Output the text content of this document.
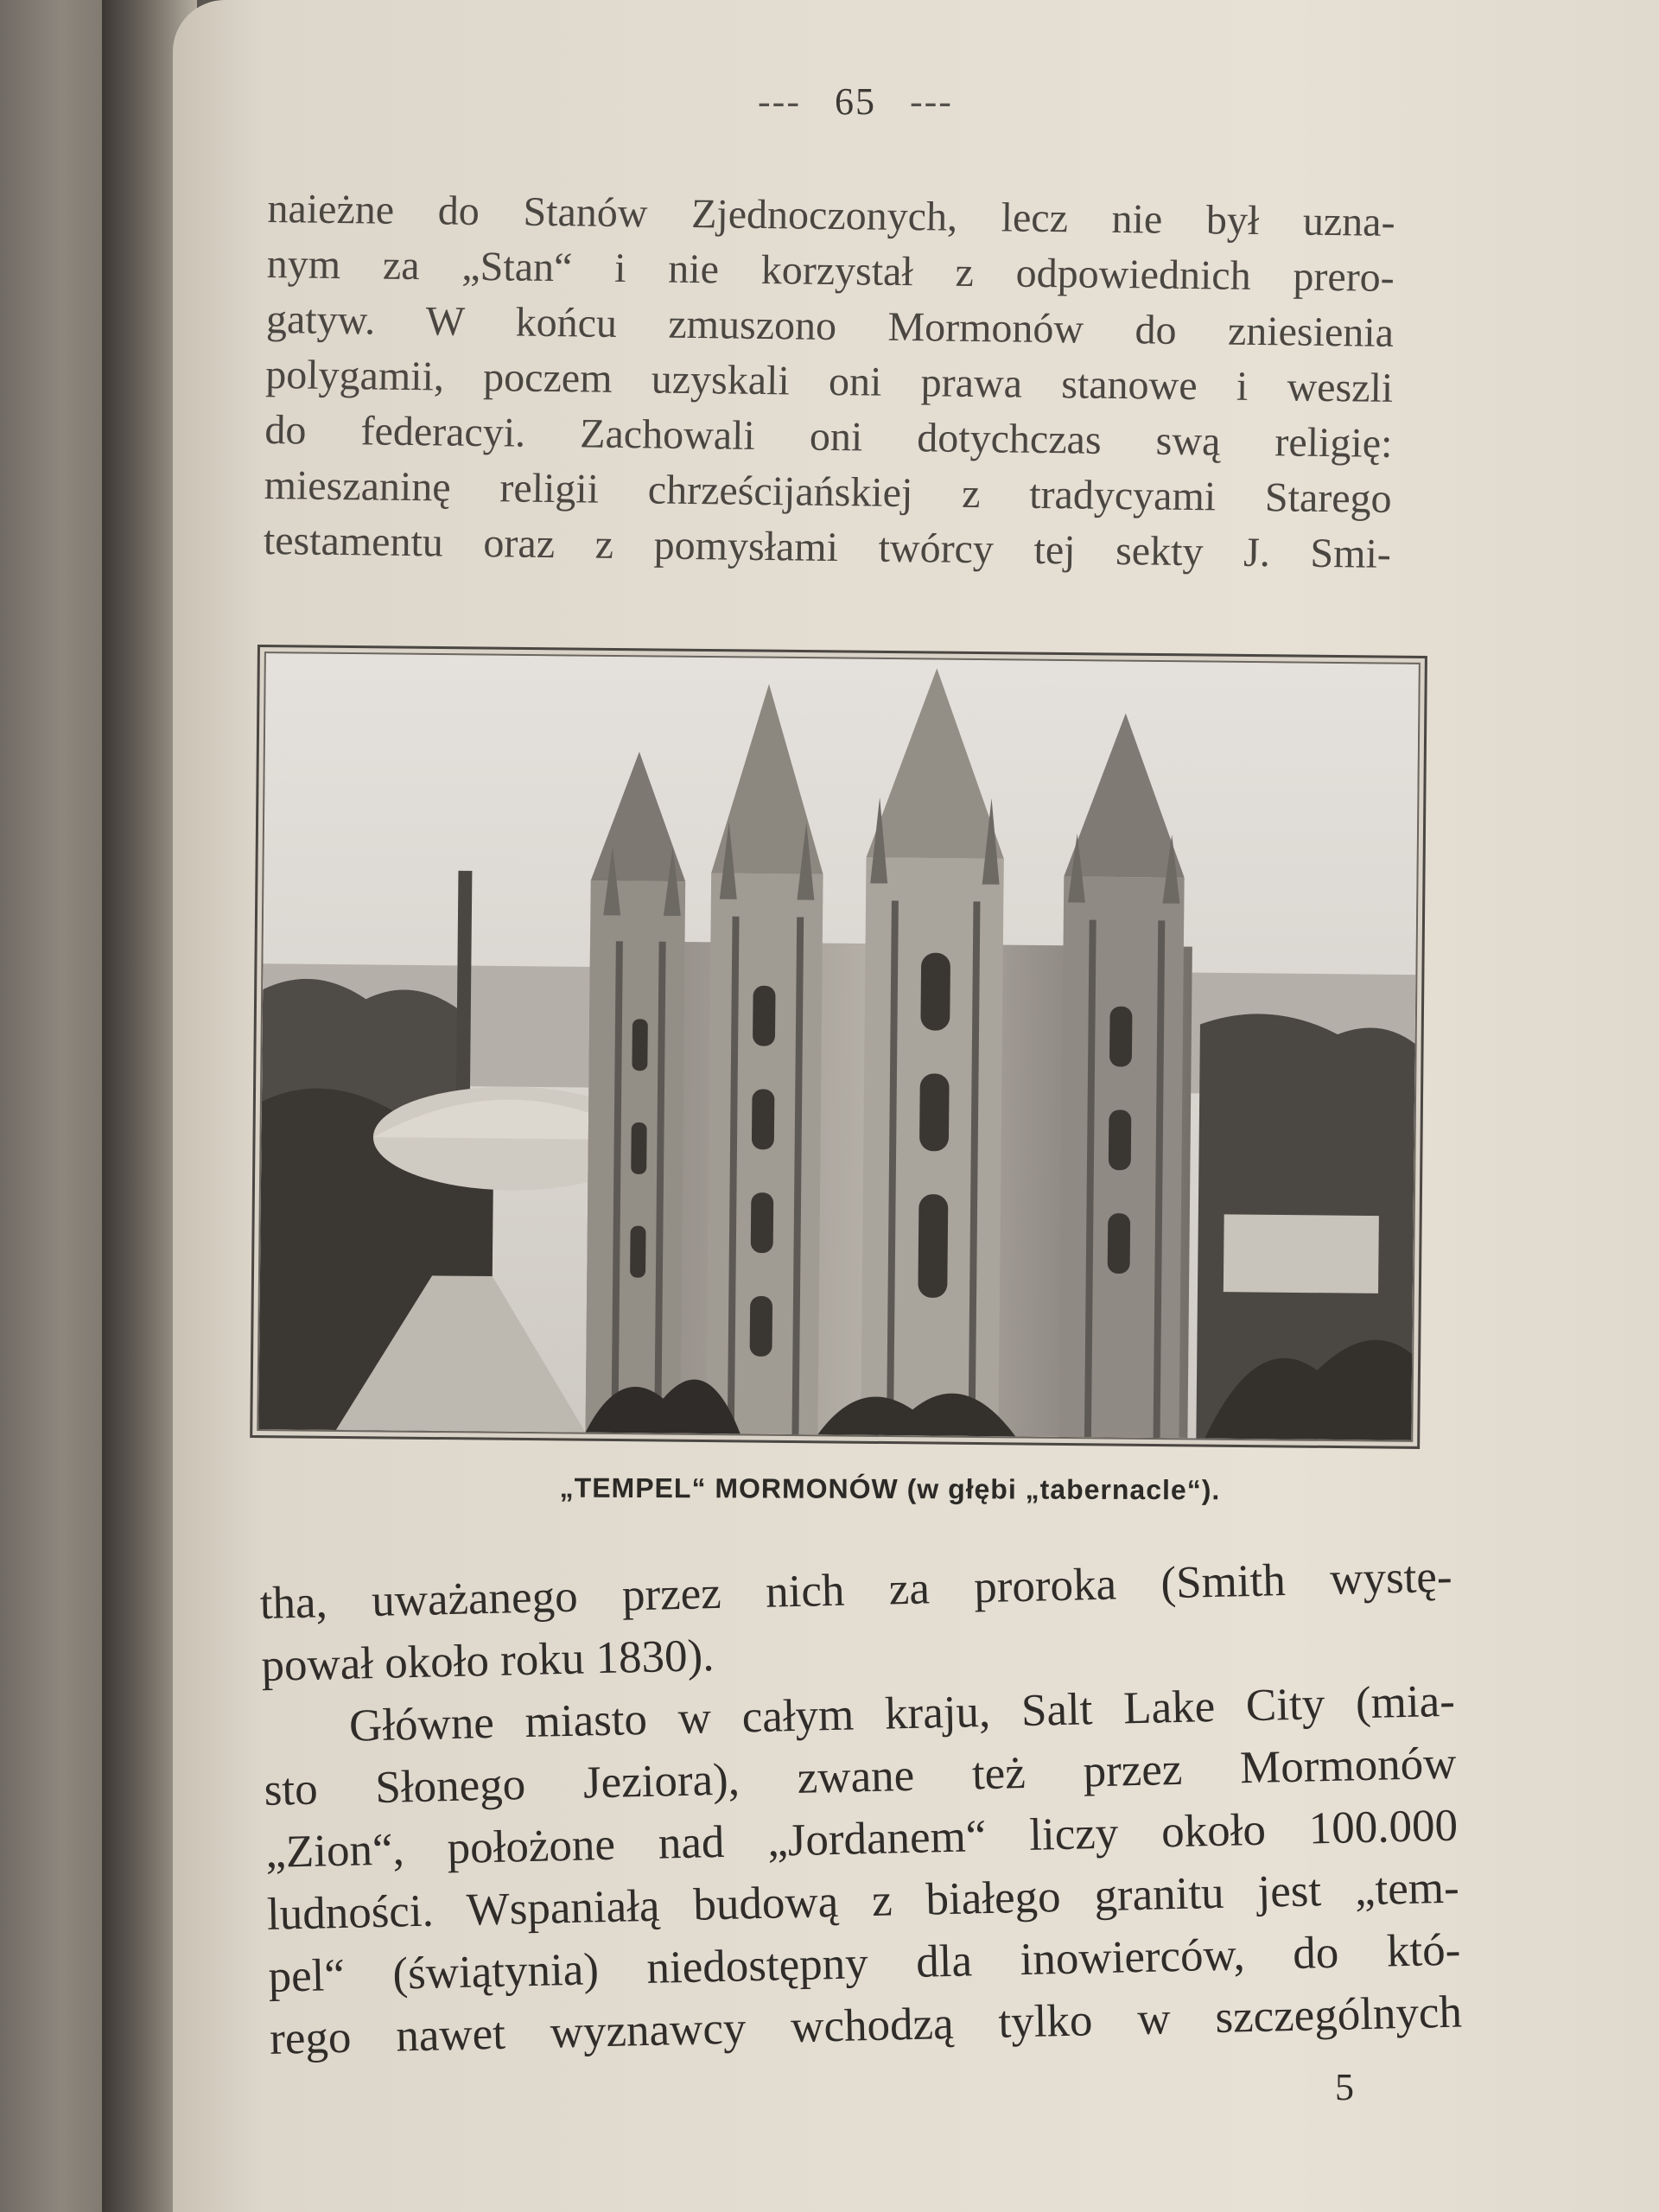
--- 65 ---
naieżne do Stanów Zjednoczonych, lecz nie był uzna-
nym za „Stan“ i nie korzystał z odpowiednich prero-
gatyw. W końcu zmuszono Mormonów do zniesienia
polygamii, poczem uzyskali oni prawa stanowe i weszli
do federacyi. Zachowali oni dotychczas swą religię:
mieszaninę religii chrześcijańskiej z tradycyami Starego
testamentu oraz z pomysłami twórcy tej sekty J. Smi-
„TEMPEL“ MORMONÓW (w głębi „tabernacle“).
tha, uważanego przez nich za proroka (Smith wystę-
pował około roku 1830).
Główne miasto w całym kraju, Salt Lake City (mia-
sto Słonego Jeziora), zwane też przez Mormonów
„Zion“, położone nad „Jordanem“ liczy około 100.000
ludności. Wspaniałą budową z białego granitu jest „tem-
pel“ (świątynia) niedostępny dla inowierców, do któ-
rego nawet wyznawcy wchodzą tylko w szczególnych
5
